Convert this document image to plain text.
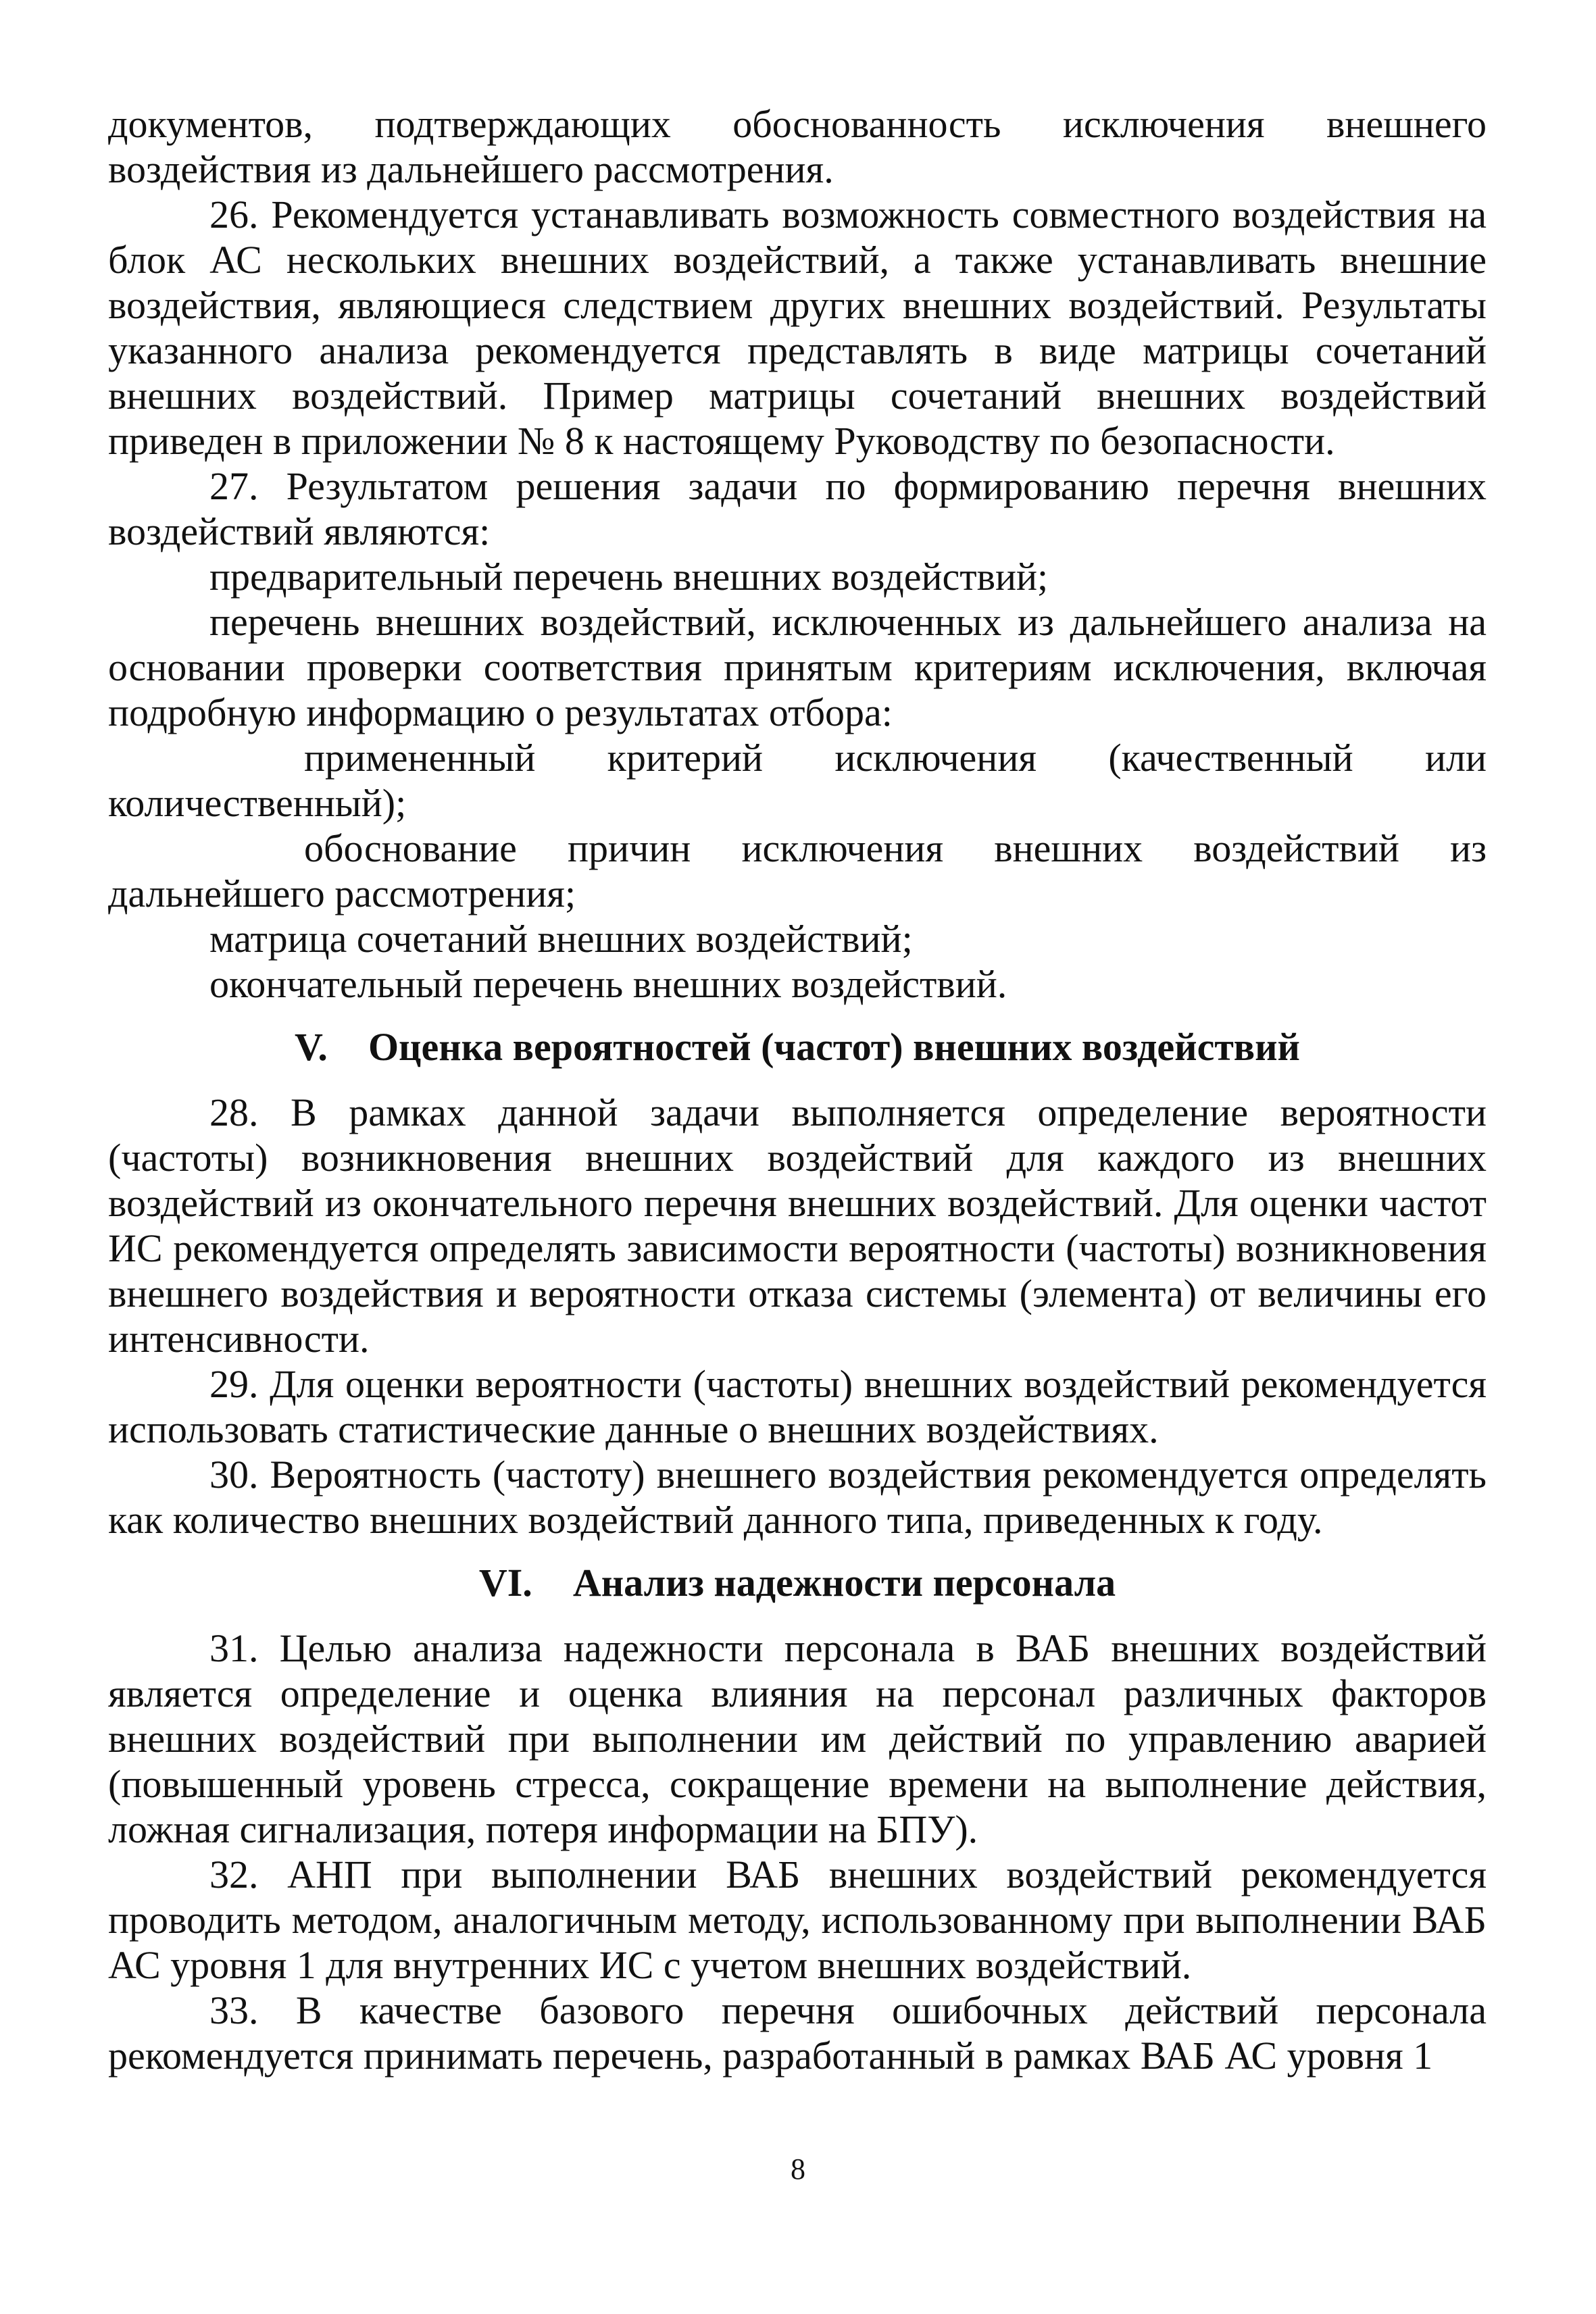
документов, подтверждающих обоснованность исключения внешнего

воздействия из дальнейшего рассмотрения.

26. Рекомендуется устанавливать возможность совместного воздействия на блок АС нескольких внешних воздействий, а также устанавливать внешние воздействия, являющиеся следствием других внешних воздействий. Результаты указанного анализа рекомендуется представлять в виде матрицы сочетаний внешних воздействий. Пример матрицы сочетаний внешних воздействий приведен в приложении № 8 к настоящему Руководству по безопасности.

27. Результатом решения задачи по формированию перечня внешних воздействий являются:

предварительный перечень внешних воздействий;

перечень внешних воздействий, исключенных из дальнейшего анализа на основании проверки соответствия принятым критериям исключения, включая подробную информацию о результатах отбора:

примененный критерий исключения (качественный или

количественный);

обоснование причин исключения внешних воздействий из

дальнейшего рассмотрения;

матрица сочетаний внешних воздействий;

окончательный перечень внешних воздействий.

V. Оценка вероятностей (частот) внешних воздействий

28. В рамках данной задачи выполняется определение вероятности (частоты) возникновения внешних воздействий для каждого из внешних воздействий из окончательного перечня внешних воздействий. Для оценки частот ИС рекомендуется определять зависимости вероятности (частоты) возникновения внешнего воздействия и вероятности отказа системы (элемента) от величины его интенсивности.

29. Для оценки вероятности (частоты) внешних воздействий рекомендуется использовать статистические данные о внешних воздействиях.

30. Вероятность (частоту) внешнего воздействия рекомендуется определять как количество внешних воздействий данного типа, приведенных к году.

VI. Анализ надежности персонала

31. Целью анализа надежности персонала в ВАБ внешних воздействий является определение и оценка влияния на персонал различных факторов внешних воздействий при выполнении им действий по управлению аварией (повышенный уровень стресса, сокращение времени на выполнение действия, ложная сигнализация, потеря информации на БПУ).

32. АНП при выполнении ВАБ внешних воздействий рекомендуется проводить методом, аналогичным методу, использованному при выполнении ВАБ АС уровня 1 для внутренних ИС с учетом внешних воздействий.

33. В качестве базового перечня ошибочных действий персонала

рекомендуется принимать перечень, разработанный в рамках ВАБ АС уровня 1

8
